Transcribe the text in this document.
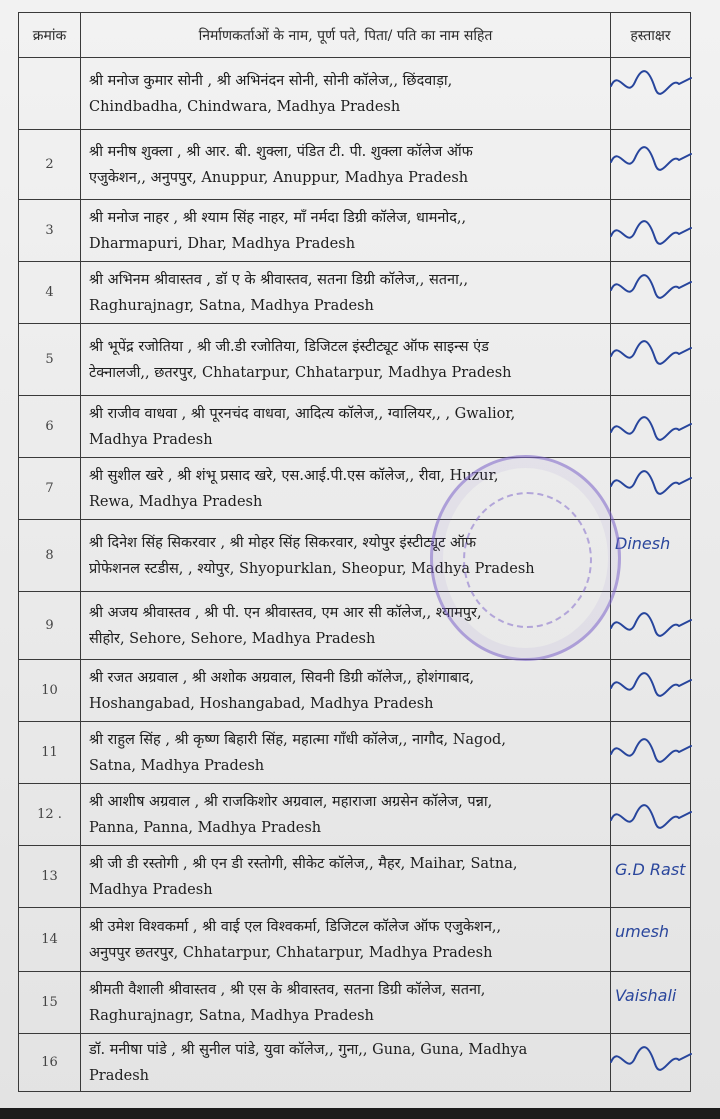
क्रमांक	निर्माणकर्ताओं के नाम, पूर्ण पते, पिता/ पति का नाम सहित	हस्ताक्षर

	श्री मनोज कुमार सोनी , श्री अभिनंदन सोनी, सोनी कॉलेज,, छिंदवाड़ा,
Chindbadha, Chindwara, Madhya Pradesh

2	श्री मनीष शुक्ला , श्री आर. बी. शुक्ला, पंडित टी. पी. शुक्ला कॉलेज ऑफ
एजुकेशन,, अनुपपुर, Anuppur, Anuppur, Madhya Pradesh

3	श्री मनोज नाहर , श्री श्याम सिंह नाहर, माँ नर्मदा डिग्री कॉलेज, धामनोद,,
Dharmapuri, Dhar, Madhya Pradesh

4	श्री अभिनम श्रीवास्तव , डॉ ए के श्रीवास्तव, सतना डिग्री कॉलेज,, सतना,,
Raghurajnagr, Satna, Madhya Pradesh

5	श्री भूपेंद्र रजोतिया , श्री जी.डी रजोतिया, डिजिटल इंस्टीट्यूट ऑफ साइन्स एंड
टेक्नालजी,, छतरपुर, Chhatarpur, Chhatarpur, Madhya Pradesh

6	श्री राजीव वाधवा , श्री पूरनचंद वाधवा, आदित्य कॉलेज,, ग्वालियर,, , Gwalior,
Madhya Pradesh

7	श्री सुशील खरे , श्री शंभू प्रसाद खरे, एस.आई.पी.एस कॉलेज,, रीवा, Huzur,
Rewa, Madhya Pradesh

8	श्री दिनेश सिंह सिकरवार , श्री मोहर सिंह सिकरवार, श्योपुर इंस्टीट्यूट ऑफ
प्रोफेशनल स्टडीस, , श्योपुर, Shyopurklan, Sheopur, Madhya Pradesh	Dinesh

9	श्री अजय श्रीवास्तव , श्री पी. एन श्रीवास्तव, एम आर सी कॉलेज,, श्यामपुर,
सीहोर, Sehore, Sehore, Madhya Pradesh

10	श्री रजत अग्रवाल , श्री अशोक अग्रवाल, सिवनी डिग्री कॉलेज,, होशंगाबाद,
Hoshangabad, Hoshangabad, Madhya Pradesh

11	श्री राहुल सिंह , श्री कृष्ण बिहारी सिंह, महात्मा गाँधी कॉलेज,, नागौद, Nagod,
Satna, Madhya Pradesh

12 .	श्री आशीष अग्रवाल , श्री राजकिशोर अग्रवाल, महाराजा अग्रसेन कॉलेज, पन्ना,
Panna, Panna, Madhya Pradesh

13	श्री जी डी रस्तोगी , श्री एन डी रस्तोगी, सीकेट कॉलेज,, मैहर, Maihar, Satna,
Madhya Pradesh	G.D Rast

14	श्री उमेश विश्वकर्मा , श्री वाई एल विश्वकर्मा, डिजिटल कॉलेज ऑफ एजुकेशन,,
अनुपपुर छतरपुर, Chhatarpur, Chhatarpur, Madhya Pradesh	umesh

15	श्रीमती वैशाली श्रीवास्तव , श्री एस के श्रीवास्तव, सतना डिग्री कॉलेज, सतना,
Raghurajnagr, Satna, Madhya Pradesh	Vaishali

16	डॉ. मनीषा पांडे , श्री सुनील पांडे, युवा कॉलेज,, गुना,, Guna, Guna, Madhya
Pradesh
